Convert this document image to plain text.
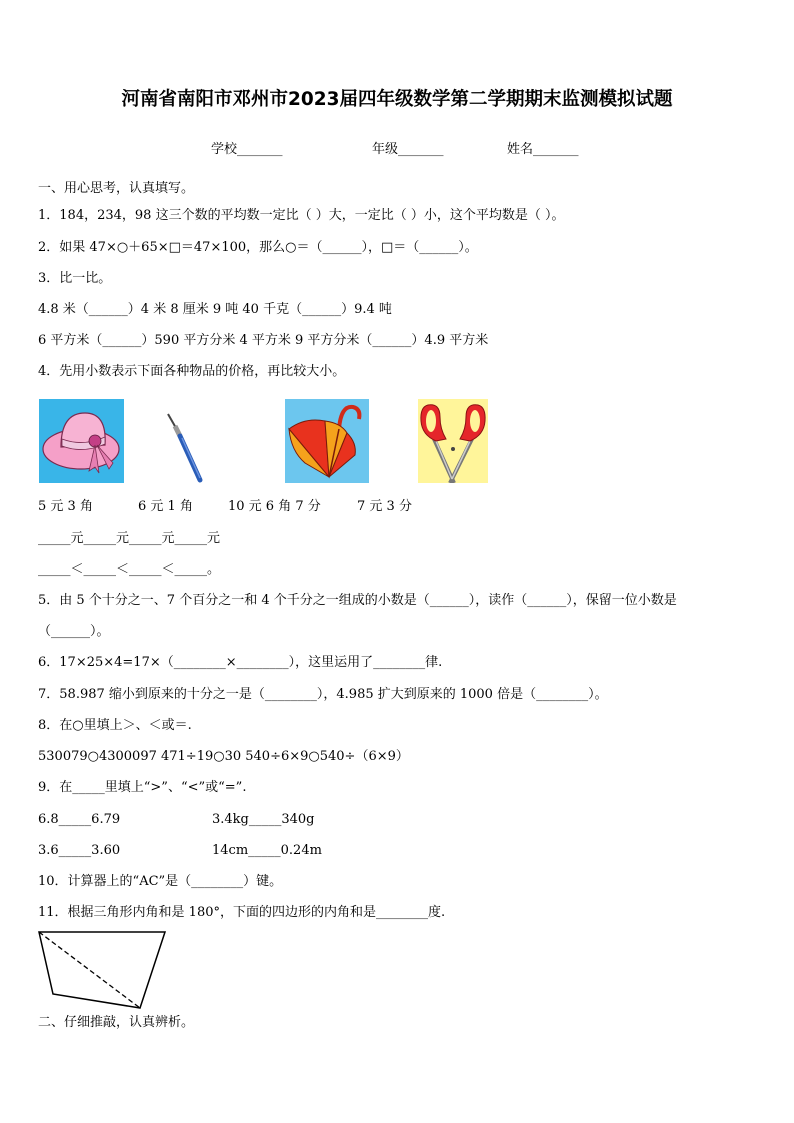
河南省南阳市邓州市2023届四年级数学第二学期期末监测模拟试题
学校_______	年级_______	姓名_______
一、用心思考，认真填写。
1．184，234，98 这三个数的平均数一定比（ ）大，一定比（ ）小，这个平均数是（ ）。
2．如果 47×○＋65×□＝47×100，那么○＝（______），□＝（______）。
3．比一比。
4.8 米（______）4 米 8 厘米 9 吨 40 千克（______）9.4 吨
6 平方米（______）590 平方分米 4 平方米 9 平方分米（______）4.9 平方米
4．先用小数表示下面各种物品的价格，再比较大小。
5 元 3 角	6 元 1 角	10 元 6 角 7 分	7 元 3 分
_____元_____元_____元_____元
_____＜_____＜_____＜_____。
5．由 5 个十分之一、7 个百分之一和 4 个千分之一组成的小数是（______），读作（______），保留一位小数是
（______）。
6．17×25×4=17×（________×________），这里运用了________律.
7．58.987 缩小到原来的十分之一是（________），4.985 扩大到原来的 1000 倍是（________）。
8．在○里填上＞、＜或＝.
530079○4300097 471÷19○30 540÷6×9○540÷（6×9）
9．在_____里填上“>”、“<”或“=”.
6.8_____6.79	3.4kg_____340g
3.6_____3.60	14cm_____0.24m
10．计算器上的“AC”是（________）键。
11．根据三角形内角和是 180°，下面的四边形的内角和是________度.
二、仔细推敲，认真辨析。
